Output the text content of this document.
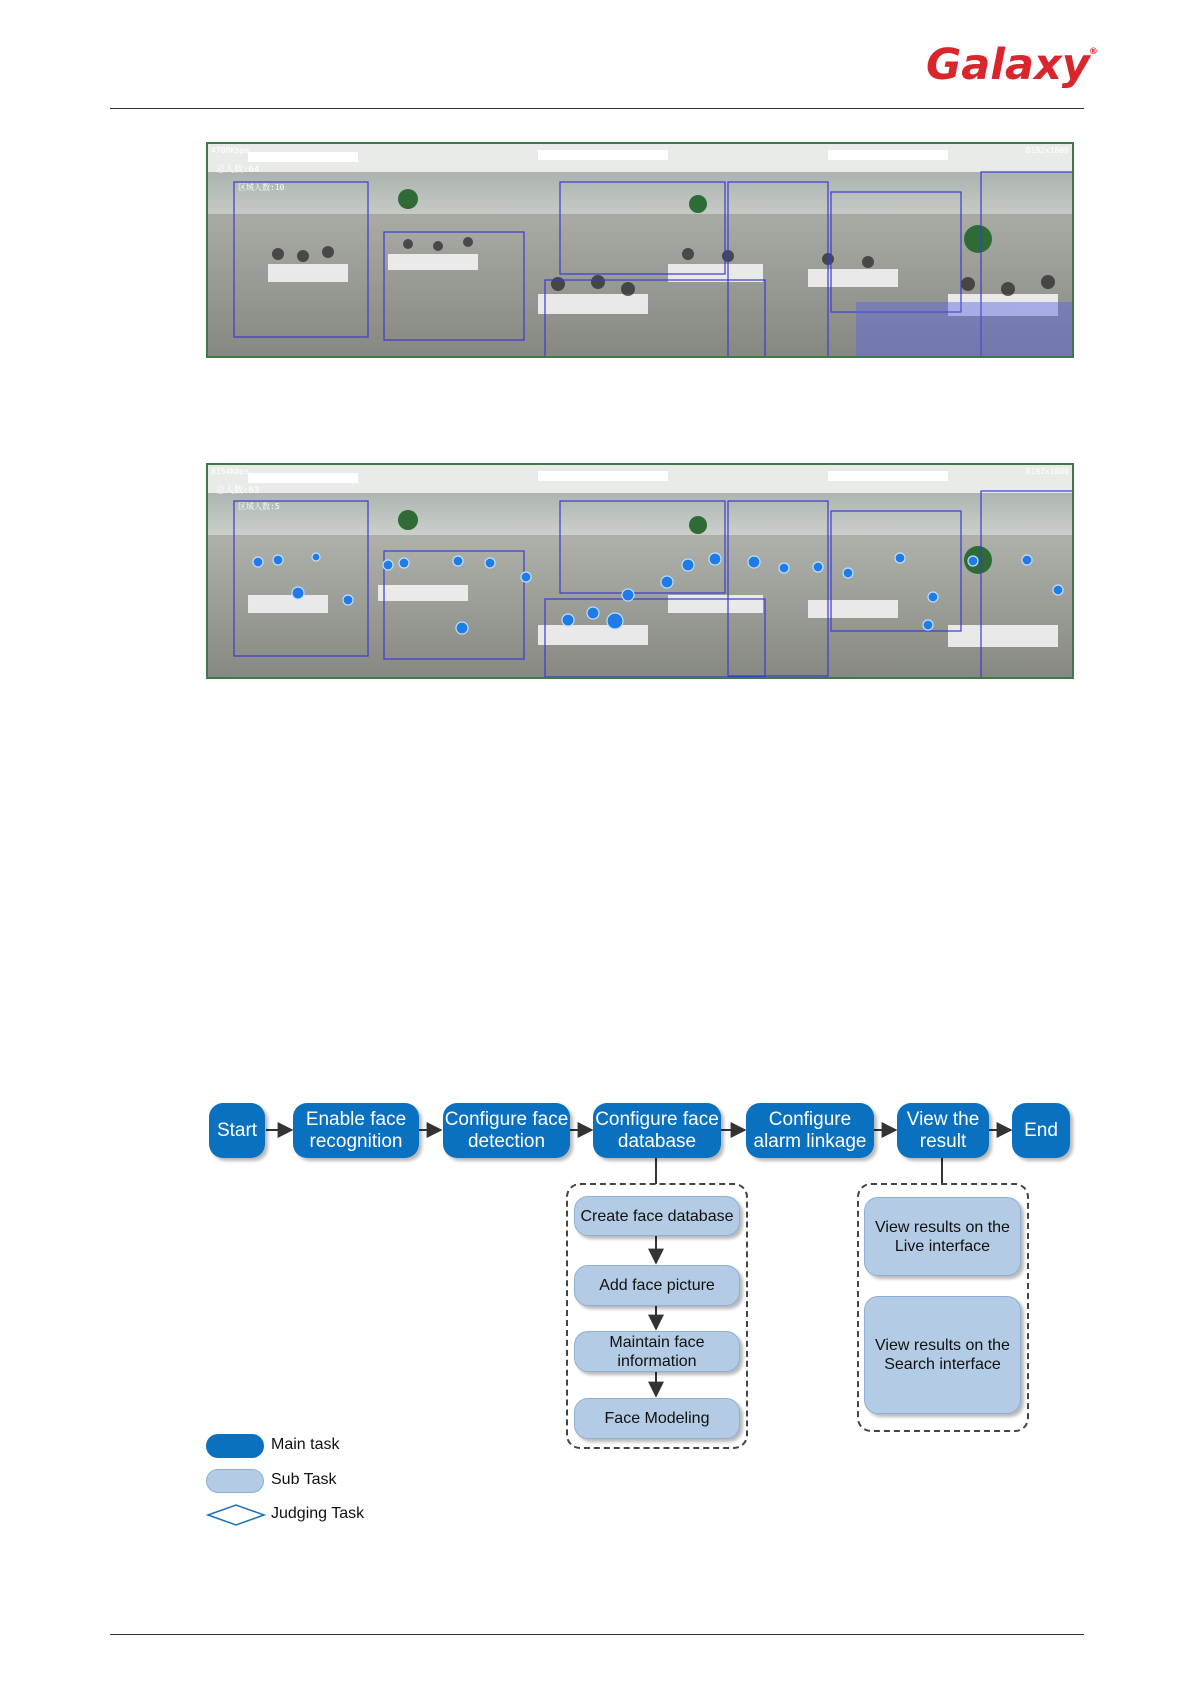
Galaxy ®
4708Kbps	8192x1800
总人数:64
区域人数:10
8154Kbps	8192x1800
总人数:63
区域人数:5
Start
Enable face recognition
Configure face detection
Configure face database
Configure alarm linkage
View the result
End
Create face database
Add face picture
Maintain face information
Face Modeling
View results on the Live interface
View results on the Search interface
Main task
Sub Task
Judging Task
